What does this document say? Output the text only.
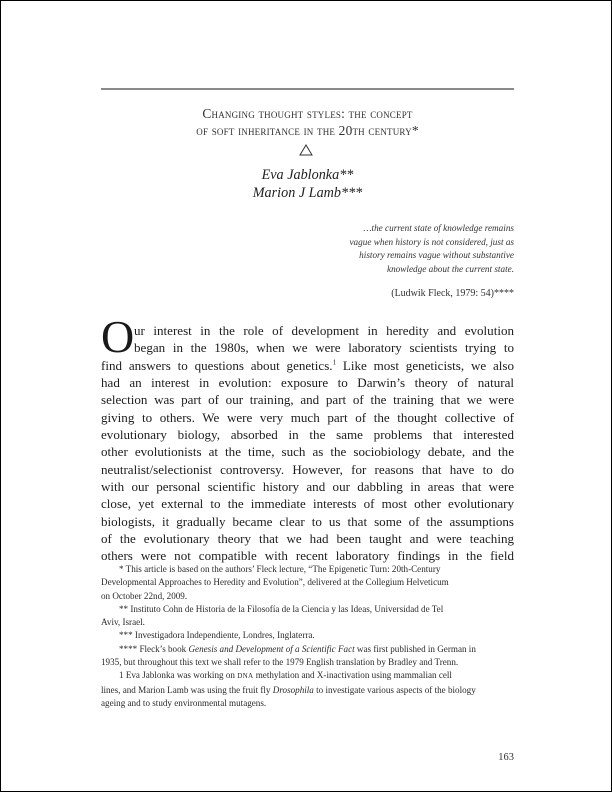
Changing thought styles: the concept
of soft inheritance in the 20th century*
Eva Jablonka**
Marion J Lamb***
…the current state of knowledge remains
vague when history is not considered, just as
history remains vague without substantive
knowledge about the current state.
(Ludwik Fleck, 1979: 54)****
O ur interest in the role of development in heredity and evolution
began in the 1980s, when we were laboratory scientists trying to
find answers to questions about genetics.$^1$ Like most geneticists, we also
had an interest in evolution: exposure to Darwin’s theory of natural
selection was part of our training, and part of the training that we were
giving to others. We were very much part of the thought collective of
evolutionary biology, absorbed in the same problems that interested
other evolutionists at the time, such as the sociobiology debate, and the
neutralist/selectionist controversy. However, for reasons that have to do
with our personal scientific history and our dabbling in areas that were
close, yet external to the immediate interests of most other evolutionary
biologists, it gradually became clear to us that some of the assumptions
of the evolutionary theory that we had been taught and were teaching
others were not compatible with recent laboratory findings in the field
* This article is based on the authors’ Fleck lecture, “The Epigenetic Turn: 20th-Century
Developmental Approaches to Heredity and Evolution”, delivered at the Collegium Helveticum
on October 22nd, 2009.
** Instituto Cohn de Historia de la Filosofía de la Ciencia y las Ideas, Universidad de Tel
Aviv, Israel.
*** Investigadora Independiente, Londres, Inglaterra.
**** Fleck’s book Genesis and Development of a Scientific Fact was first published in German in
1935, but throughout this text we shall refer to the 1979 English translation by Bradley and Trenn.
1 Eva Jablonka was working on DNA methylation and X-inactivation using mammalian cell
lines, and Marion Lamb was using the fruit fly Drosophila to investigate various aspects of the biology
ageing and to study environmental mutagens.
163
